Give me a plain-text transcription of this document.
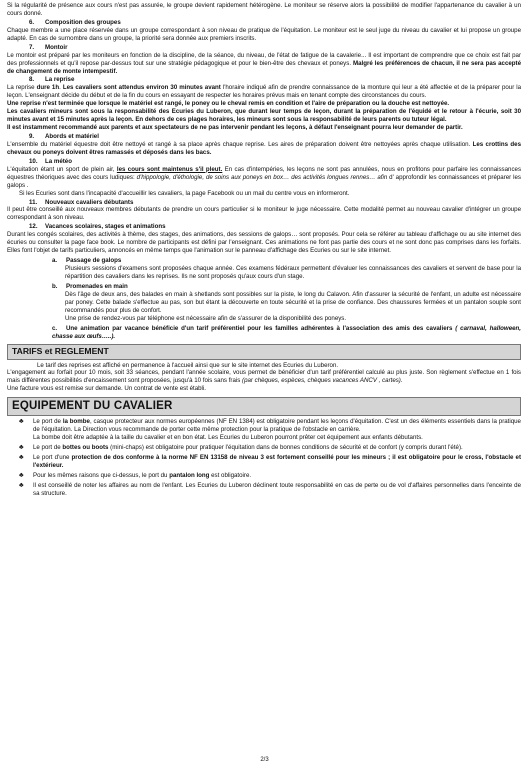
Si la régularité de présence aux cours n'est pas assurée, le groupe devient rapidement hétérogène. Le moniteur se réserve alors la possibilité de modifier l'appartenance du cavalier à un cours donné.

6. Composition des groupes

Chaque membre a une place réservée dans un groupe correspondant à son niveau de pratique de l'équitation. Le moniteur est le seul juge du niveau du cavalier et lui propose un groupe adapté. En cas de surnombre dans un groupe, la priorité sera donnée aux premiers inscrits.

7. Montoir

Le montoir est préparé par les moniteurs en fonction de la discipline, de la séance, du niveau, de l'état de fatigue de la cavalerie... Il est important de comprendre que ce choix est fait par des professionnels et qu'il repose par-dessus tout sur une stratégie pédagogique et pour le bien-être des chevaux et poneys. Malgré les préférences de chacun, il ne sera pas accepté de changement de monte intempestif.

8. La reprise

La reprise dure 1h. Les cavaliers sont attendus environ 30 minutes avant l'horaire indiqué afin de prendre connaissance de la monture qui leur a été affectée et de la préparer pour la leçon. L'enseignant décide du début et de la fin du cours en essayant de respecter les horaires prévus mais en tenant compte des circonstances du cours.

Une reprise n'est terminée que lorsque le matériel est rangé, le poney ou le cheval remis en condition et l'aire de préparation ou la douche est nettoyée.

Les cavaliers mineurs sont sous la responsabilité des Ecuries du Luberon, que durant leur temps de leçon, durant la préparation de l'équidé et le retour à l'écurie, soit 30 minutes avant et 15 minutes après la leçon. En dehors de ces plages horaires, les mineurs sont sous la responsabilité de leurs parents ou tuteur légal.

Il est instamment recommandé aux parents et aux spectateurs de ne pas intervenir pendant les leçons, à défaut l'enseignant pourra leur demander de partir.

9. Abords et matériel

L'ensemble du matériel équestre doit être nettoyé et rangé à sa place après chaque reprise. Les aires de préparation doivent être nettoyées après chaque utilisation. Les crottins des chevaux ou poneys doivent êtres ramassés et déposés dans les bacs.

10. La météo

L'équitation étant un sport de plein air, les cours sont maintenus s'il pleut. En cas d'intempéries, les leçons ne sont pas annulées, nous en profitons pour parfaire les connaissances équestres théoriques avec des cours ludiques: d'hippologie, d'éthologie, de soins aux poneys en box… des activités longues rennes… afin d' approfondir les connaissances et préparer les galops .

Si les Ecuries sont dans l'incapacité d'accueillir les cavaliers, la page Facebook ou un mail du centre vous en informeront.

11. Nouveaux cavaliers débutants

Il peut être conseillé aux nouveaux membres débutants de prendre un cours particulier si le moniteur le juge nécessaire. Cette modalité permet au nouveau cavalier d'intégrer un groupe correspondant à son niveau.

12. Vacances scolaires, stages et animations

Durant les congés scolaires, des activités à thème, des stages, des animations, des sessions de galops… sont proposés. Pour cela se référer au tableau d'affichage ou au site internet des écuries ou consulter la page face book. Le nombre de participants est défini par l'enseignant. Ces animations ne font pas partie des cours et ne sont donc pas comprises dans les forfaits. Elles font l'objet de tarifs particuliers, annoncés en même temps que l'animation sur le panneau d'affichage des Ecuries ou sur le site internet.

a. Passage de galops

Plusieurs sessions d'examens sont proposées chaque année. Ces examens fédéraux permettent d'évaluer les connaissances des cavaliers et servent de base pour la répartition des cavaliers dans les reprises. Ils ne sont proposés qu'aux cours d'un stage.

b. Promenades en main

Dès l'âge de deux ans, des balades en main à shetlands sont possibles sur la piste, le long du Calavon. Afin d'assurer la sécurité de l'enfant, un adulte est nécessaire par poney. Cette balade s'effectue au pas, son but étant la découverte en toute sécurité et la prise de confiance. Des chaussures fermées et un pantalon souple sont recommandés pour plus de confort.

Une prise de rendez-vous par téléphone est nécessaire afin de s'assurer de la disponibilité des poneys.

c. Une animation par vacance bénéficie d'un tarif préférentiel pour les familles adhérentes à l'association des amis des cavaliers ( carnaval, halloween, chasse aux œufs…..).

TARIFS et REGLEMENT

Le tarif des reprises est affiché en permanence à l'accueil ainsi que sur le site internet des Ecuries du Luberon.

L'engagement au forfait pour 10 mois, soit 33 séances, pendant l'année scolaire, vous permet de bénéficier d'un tarif préférentiel calculé au plus juste. Son règlement s'effectue en 1 fois mais différentes possibilités d'encaissement sont proposées, jusqu'à 10 fois sans frais (par chèques, espèces, chèques vacances ANCV , cartes).

Une facture vous est remise sur demande. Un contrat de vente est établi.

EQUIPEMENT DU CAVALIER
♣ Le port de la bombe, casque protecteur aux normes européennes (NF EN 1384) est obligatoire pendant les leçons d'équitation. C'est un des éléments essentiels dans la pratique de l'équitation. La Direction vous recommande de porter cette même protection pour la pratique de l'obstacle en carrière.
La bombe doit être adaptée à la taille du cavalier et en bon état. Les Ecuries du Luberon pourront prêter cet équipement aux enfants débutants.
♣ Le port de bottes ou boots (mini-chaps) est obligatoire pour pratiquer l'équitation dans de bonnes conditions de sécurité et de confort (y compris durant l'été).
♣ Le port d'une protection de dos conforme à la norme NF EN 13158 de niveau 3 est fortement conseillé pour les mineurs ; il est obligatoire pour le cross, l'obstacle et l'extérieur.
♣ Pour les mêmes raisons que ci-dessus, le port du pantalon long est obligatoire.
♣ Il est conseillé de noter les affaires au nom de l'enfant. Les Ecuries du Luberon déclinent toute responsabilité en cas de perte ou de vol d'affaires personnelles dans l'enceinte de sa structure.
2/3
